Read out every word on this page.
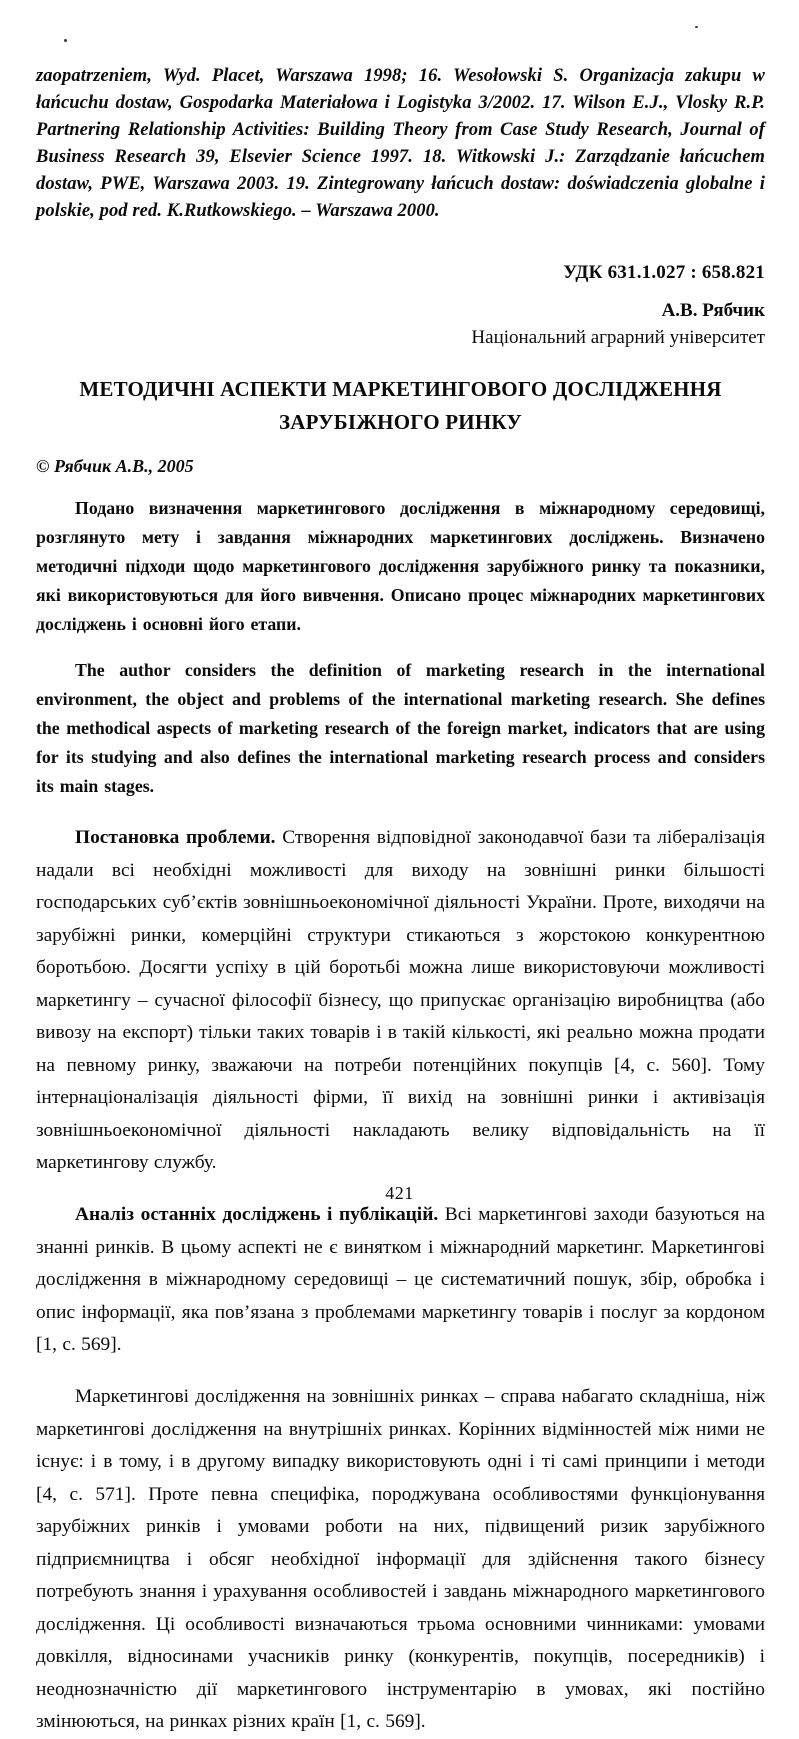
zaopatrzeniem, Wyd. Placet, Warszawa 1998; 16. Wesołowski S. Organizacja zakupu w łańcuchu dostaw, Gospodarka Materiałowa i Logistyka 3/2002. 17. Wilson E.J., Vlosky R.P. Partnering Relationship Activities: Building Theory from Case Study Research, Journal of Business Research 39, Elsevier Science 1997. 18. Witkowski J.: Zarządzanie łańcuchem dostaw, PWE, Warszawa 2003. 19. Zintegrowany łańcuch dostaw: doświadczenia globalne i polskie, pod red. K.Rutkowskiego. – Warszawa 2000.

УДК 631.1.027 : 658.821
А.В. Рябчик
Національний аграрний університет
МЕТОДИЧНІ АСПЕКТИ МАРКЕТИНГОВОГО ДОСЛІДЖЕННЯ
ЗАРУБІЖНОГО РИНКУ
© Рябчик А.В., 2005

Подано визначення маркетингового дослідження в міжнародному середовищі, розглянуто мету і завдання міжнародних маркетингових досліджень. Визначено методичні підходи щодо маркетингового дослідження зарубіжного ринку та показники, які використовуються для його вивчення. Описано процес міжнародних маркетингових досліджень і основні його етапи.

The author considers the definition of marketing research in the international environment, the object and problems of the international marketing research. She defines the methodical aspects of marketing research of the foreign market, indicators that are using for its studying and also defines the international marketing research process and considers its main stages.

Постановка проблеми. Створення відповідної законодавчої бази та лібералізація надали всі необхідні можливості для виходу на зовнішні ринки більшості господарських суб’єктів зовнішньоекономічної діяльності України. Проте, виходячи на зарубіжні ринки, комерційні структури стикаються з жорстокою конкурентною боротьбою. Досягти успіху в цій боротьбі можна лише використовуючи можливості маркетингу – сучасної філософії бізнесу, що припускає організацію виробництва (або вивозу на експорт) тільки таких товарів і в такій кількості, які реально можна продати на певному ринку, зважаючи на потреби потенційних покупців [4, с. 560]. Тому інтернаціоналізація діяльності фірми, її вихід на зовнішні ринки і активізація зовнішньоекономічної діяльності накладають велику відповідальність на її маркетингову службу.

Аналіз останніх досліджень і публікацій. Всі маркетингові заходи базуються на знанні ринків. В цьому аспекті не є винятком і міжнародний маркетинг. Маркетингові дослідження в міжнародному середовищі – це систематичний пошук, збір, обробка і опис інформації, яка пов’язана з проблемами маркетингу товарів і послуг за кордоном [1, с. 569].

Маркетингові дослідження на зовнішніх ринках – справа набагато складніша, ніж маркетингові дослідження на внутрішніх ринках. Корінних відмінностей між ними не існує: і в тому, і в другому випадку використовують одні і ті самі принципи і методи [4, с. 571]. Проте певна специфіка, породжувана особливостями функціонування зарубіжних ринків і умовами роботи на них, підвищений ризик зарубіжного підприємництва і обсяг необхідної інформації для здійснення такого бізнесу потребують знання і урахування особливостей і завдань міжнародного маркетингового дослідження. Ці особливості визначаються трьома основними чинниками: умовами довкілля, відносинами учасників ринку (конкурентів, покупців, посередників) і неоднозначністю дії маркетингового інструментарію в умовах, які постійно змінюються, на ринках різних країн [1, с. 569].

421
